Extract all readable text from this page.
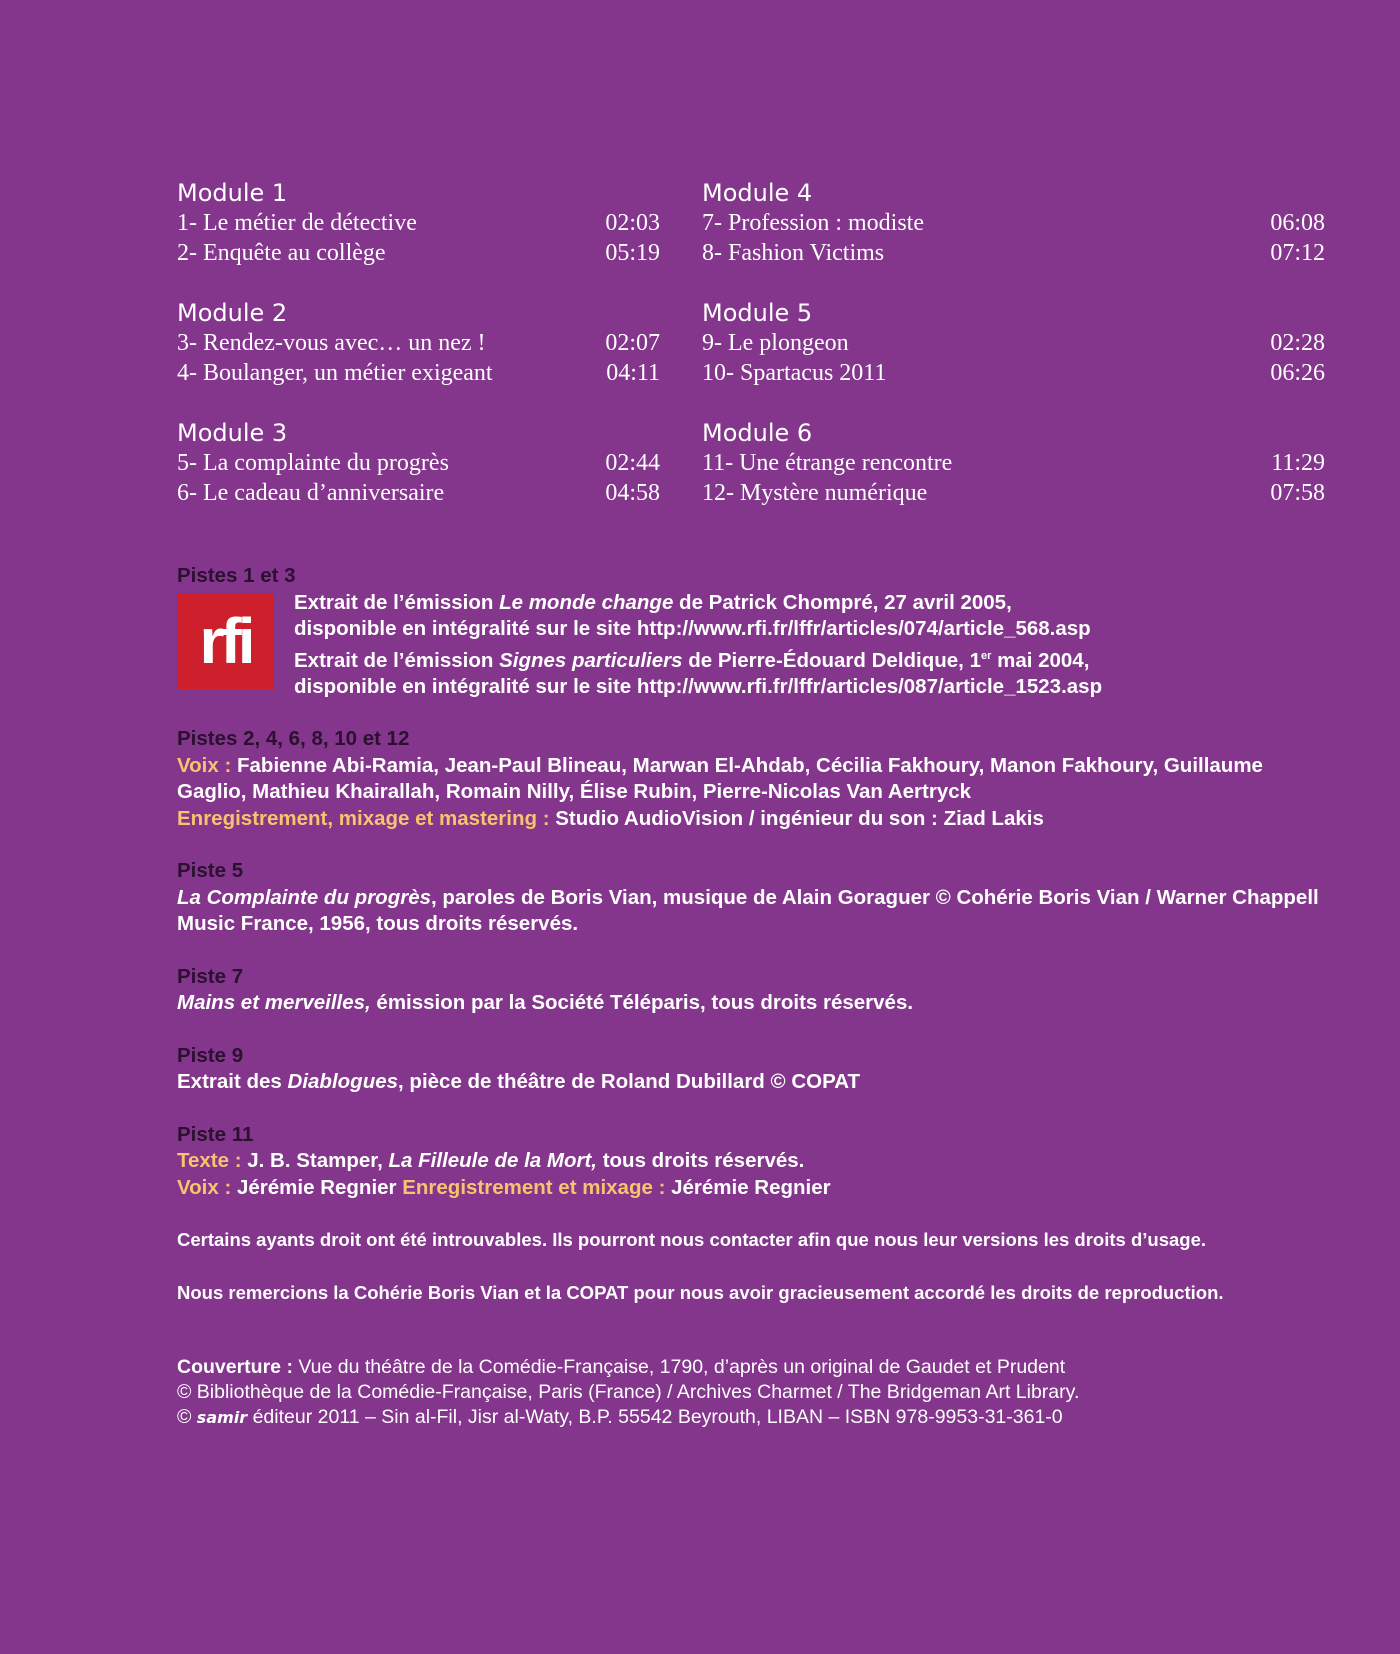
Module 1
1- Le métier de détective	02:03
2- Enquête au collège	05:19
Module 4
7- Profession : modiste	06:08
8- Fashion Victims	07:12
Module 2
3- Rendez-vous avec… un nez !	02:07
4- Boulanger, un métier exigeant	04:11
Module 5
9- Le plongeon	02:28
10- Spartacus 2011	06:26
Module 3
5- La complainte du progrès	02:44
6- Le cadeau d’anniversaire	04:58
Module 6
11- Une étrange rencontre	11:29
12- Mystère numérique	07:58
Pistes 1 et 3
rfi
Extrait de l’émission Le monde change de Patrick Chompré, 27 avril 2005,
disponible en intégralité sur le site http://www.rfi.fr/lffr/articles/074/article_568.asp
Extrait de l’émission Signes particuliers de Pierre-Édouard Deldique, 1er mai 2004,
disponible en intégralité sur le site http://www.rfi.fr/lffr/articles/087/article_1523.asp
Pistes 2, 4, 6, 8, 10 et 12
Voix : Fabienne Abi-Ramia, Jean-Paul Blineau, Marwan El-Ahdab, Cécilia Fakhoury, Manon Fakhoury, Guillaume Gaglio, Mathieu Khairallah, Romain Nilly, Élise Rubin, Pierre-Nicolas Van Aertryck
Enregistrement, mixage et mastering : Studio AudioVision / ingénieur du son : Ziad Lakis
Piste 5
La Complainte du progrès, paroles de Boris Vian, musique de Alain Goraguer © Cohérie Boris Vian / Warner Chappell Music France, 1956, tous droits réservés.
Piste 7
Mains et merveilles, émission par la Société Téléparis, tous droits réservés.
Piste 9
Extrait des Diablogues, pièce de théâtre de Roland Dubillard © COPAT
Piste 11
Texte : J. B. Stamper, La Filleule de la Mort, tous droits réservés.
Voix : Jérémie Regnier Enregistrement et mixage : Jérémie Regnier
Certains ayants droit ont été introuvables. Ils pourront nous contacter afin que nous leur versions les droits d’usage.
Nous remercions la Cohérie Boris Vian et la COPAT pour nous avoir gracieusement accordé les droits de reproduction.
Couverture : Vue du théâtre de la Comédie-Française, 1790, d’après un original de Gaudet et Prudent
© Bibliothèque de la Comédie-Française, Paris (France) / Archives Charmet / The Bridgeman Art Library.
© samir éditeur 2011 – Sin al-Fil, Jisr al-Waty, B.P. 55542 Beyrouth, LIBAN – ISBN 978-9953-31-361-0
